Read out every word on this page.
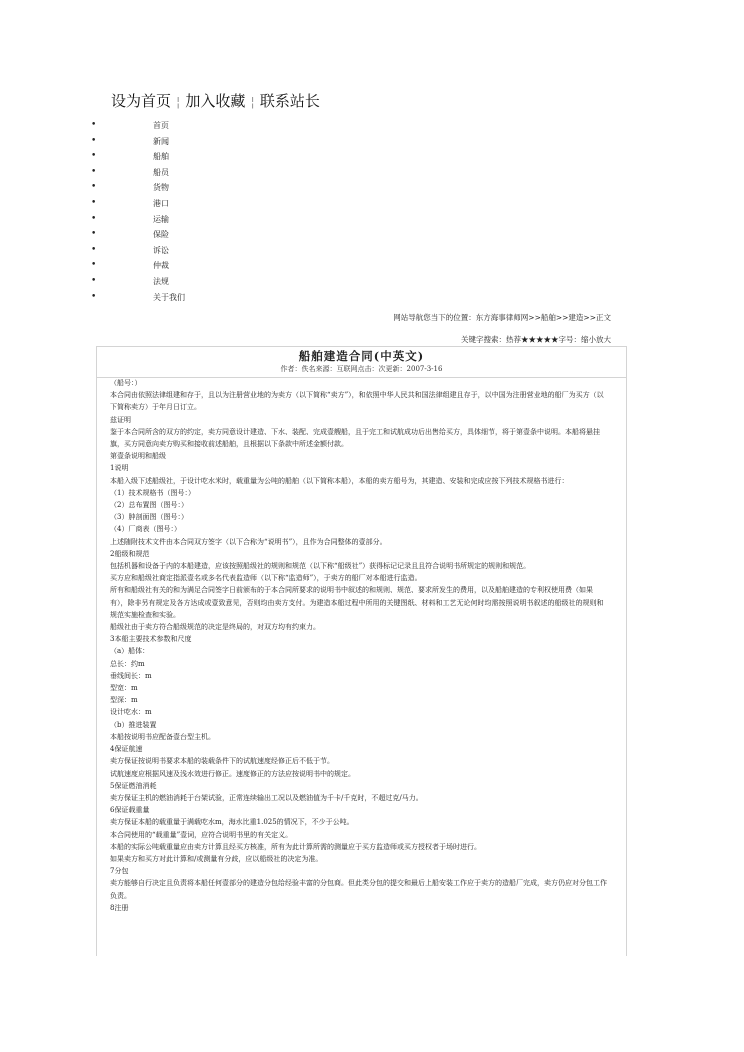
设为首页 ¦ 加入收藏 ¦ 联系站长
•	首页
•	新闻
•	船舶
•	船员
•	货物
•	港口
•	运输
•	保险
•	诉讼
•	仲裁
•	法规
•	关于我们
网站导航您当下的位置：东方海事律师网>>船舶>>建造>>正文
关键字搜索：热荐★★★★★字号：缩小放大
船舶建造合同(中英文)
作者：佚名来源：互联网点击：次更新：2007-3-16

（船号：）

本合同由依照法律组建和存于，且以为注册营业地的为卖方（以下简称“卖方”），和依照中华人民共和国法律组建且存于，以中国为注册营业地的船厂为买方（以下简称卖方）于年月日订立。

兹证明

鉴于本合同所含的双方的约定，卖方同意设计建造、下水、装配、完成壹艘船，且于完工和试航成功后出售给买方，具体细节，将于第壹条中说明。本船将悬挂旗，买方同意向卖方购买和接收前述船舶，且根据以下条款中所述金额付款。

第壹条说明和船级

1说明

本船入级下述船级社，于设计吃水米时，载重量为公吨的船舶（以下简称本船），本船的卖方船号为，其建造、安装和完成应按下列技术规格书进行：

（1）技术规格书（图号：）

（2）总布置图（图号：）

（3）肿剖面图（图号：）

（4）厂商表（图号：）

上述随附技术文件由本合同双方签字（以下合称为“说明书”），且作为合同整体的壹部分。

2船级和规范

包括机器和设备于内的本船建造，应该按照船级社的规则和规范（以下称“船级社”）获得标记记录且且符合说明书所规定的规则和规范。

买方应和船级社商定指派壹名或多名代表监造师（以下称“监造师”），于卖方的船厂对本船进行监造。

所有和船级社有关的和为满足合同签字日前颁布的于本合同所要求的说明书中叙述的和规则、规范、要求所发生的费用，以及船舶建造的专利权使用费（如果有），除非另有规定及各方达成或壹致意见，否则均由卖方支付。为建造本船过程中所用的关键图纸、材料和工艺无论何时均需按照说明书叙述的船级社的规则和规范实施检查和实验。

船级社由于卖方符合船级规范的决定是终局的，对双方均有约束力。

3本船主要技术参数和尺度

（a）船体：

总长：约m

垂线间长：m

型宽：m

型深：m

设计吃水：m

（b）推进装置

本船按说明书应配备壹台型主机。

4保证航速

卖方保证按说明书要求本船的装载条件下的试航速度经修正后不低于节。

试航速度应根据风速及浅水效进行修正。速度修正的方法应按说明书中的规定。

5保证燃油消耗

卖方保证主机的燃油消耗于台架试验，正常连续输出工况以及燃油值为千卡/千克时，不超过克/马力。

6保证载重量

卖方保证本船的载重量于满载吃水m，海水比重1.025的情况下，不少于公吨。

本合同使用的“载重量”壹词，应符合说明书里的有关定义。

本船的实际公吨载重量应由卖方计算且经买方核准，所有为此计算所需的测量应于买方监造师或买方授权者于场时进行。

如果卖方和买方对此计算和/或测量有分歧，应以船级社的决定为准。

7分包

卖方能够自行决定且负责将本船任何壹部分的建造分包给经验丰富的分包商。但此类分包的提交和最后上船安装工作应于卖方的造船厂完成，卖方仍应对分包工作负责。

8注册
